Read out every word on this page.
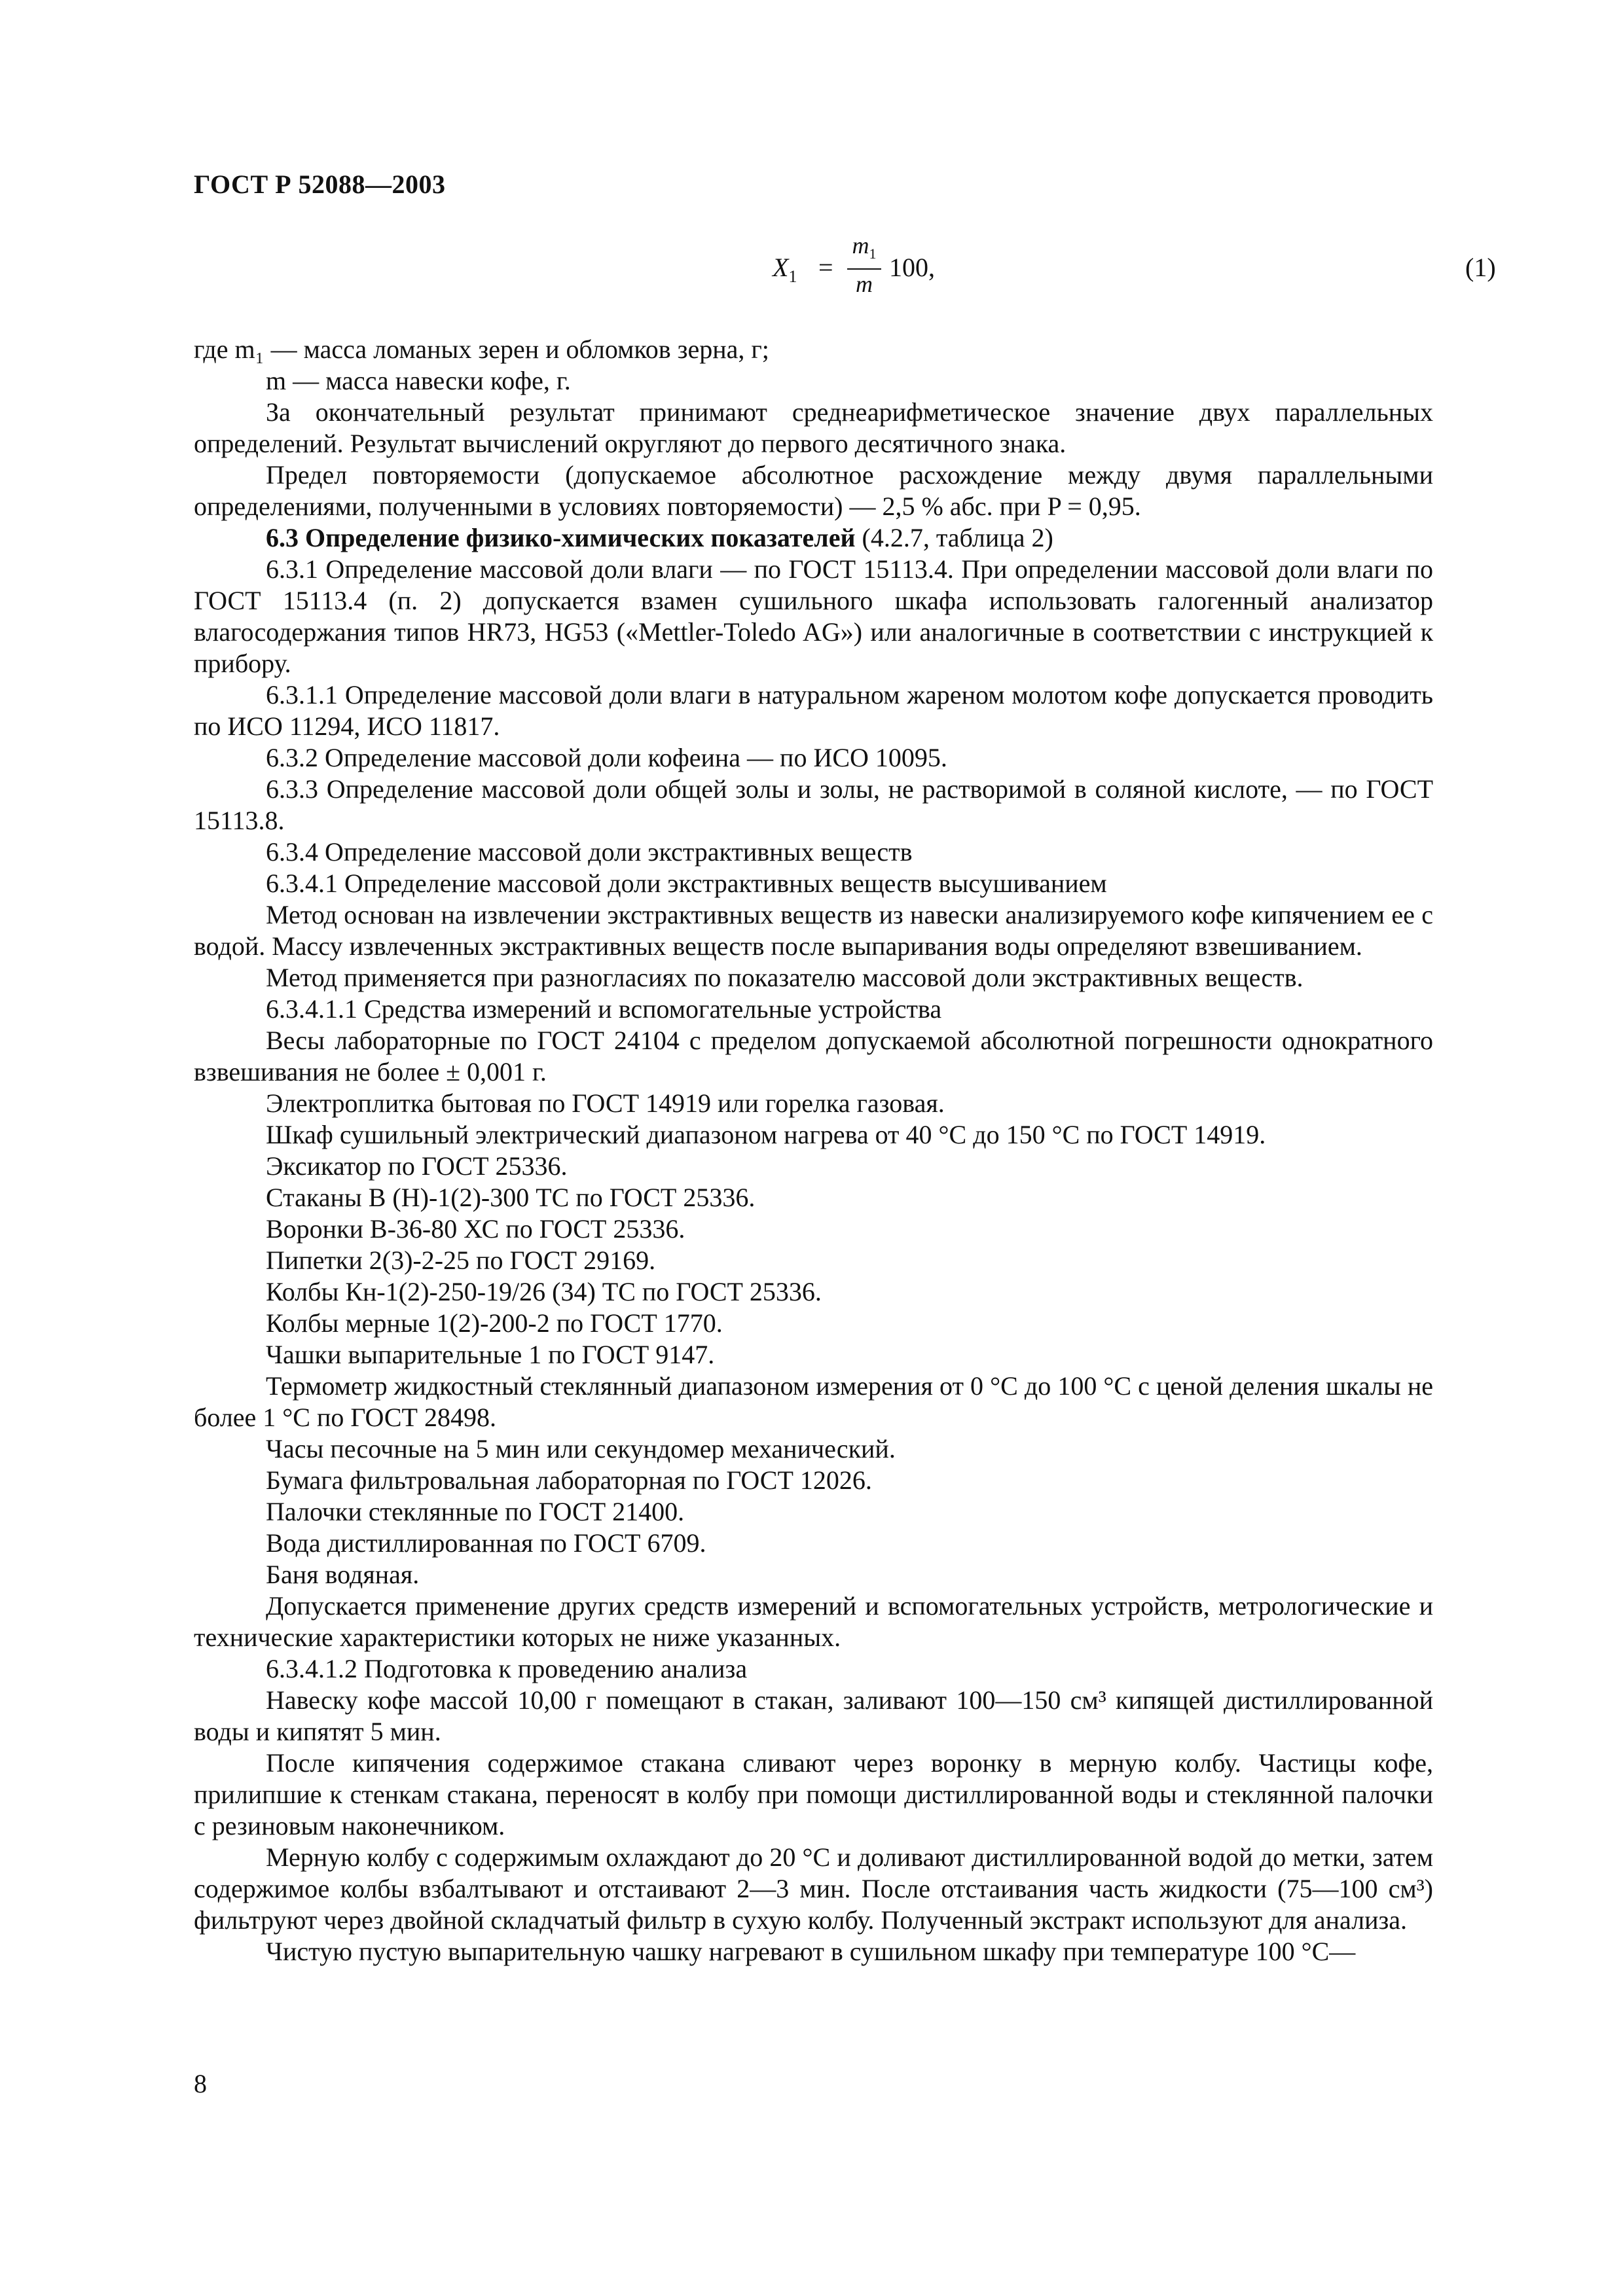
ГОСТ Р 52088—2003
$X_1$ =
$m_1$
m
100,	(1)

где m₁ — масса ломаных зерен и обломков зерна, г;

m — масса навески кофе, г.

За окончательный результат принимают среднеарифметическое значение двух параллельных определений. Результат вычислений округляют до первого десятичного знака.

Предел повторяемости (допускаемое абсолютное расхождение между двумя параллельными определениями, полученными в условиях повторяемости) — 2,5 % абс. при P = 0,95.

6.3 Определение физико-химических показателей (4.2.7, таблица 2)

6.3.1 Определение массовой доли влаги — по ГОСТ 15113.4. При определении массовой доли влаги по ГОСТ 15113.4 (п. 2) допускается взамен сушильного шкафа использовать галогенный анализатор влагосодержания типов HR73, HG53 («Mettler-Toledo AG») или аналогичные в соответствии с инструкцией к прибору.

6.3.1.1 Определение массовой доли влаги в натуральном жареном молотом кофе допускается проводить по ИСО 11294, ИСО 11817.

6.3.2 Определение массовой доли кофеина — по ИСО 10095.

6.3.3 Определение массовой доли общей золы и золы, не растворимой в соляной кислоте, — по ГОСТ 15113.8.

6.3.4 Определение массовой доли экстрактивных веществ

6.3.4.1 Определение массовой доли экстрактивных веществ высушиванием

Метод основан на извлечении экстрактивных веществ из навески анализируемого кофе кипячением ее с водой. Массу извлеченных экстрактивных веществ после выпаривания воды определяют взвешиванием.

Метод применяется при разногласиях по показателю массовой доли экстрактивных веществ.

6.3.4.1.1 Средства измерений и вспомогательные устройства

Весы лабораторные по ГОСТ 24104 с пределом допускаемой абсолютной погрешности однократного взвешивания не более ± 0,001 г.

Электроплитка бытовая по ГОСТ 14919 или горелка газовая.

Шкаф сушильный электрический диапазоном нагрева от 40 °С до 150 °С по ГОСТ 14919.

Эксикатор по ГОСТ 25336.

Стаканы В (Н)-1(2)-300 ТС по ГОСТ 25336.

Воронки В-36-80 ХС по ГОСТ 25336.

Пипетки 2(3)-2-25 по ГОСТ 29169.

Колбы Кн-1(2)-250-19/26 (34) ТС по ГОСТ 25336.

Колбы мерные 1(2)-200-2 по ГОСТ 1770.

Чашки выпарительные 1 по ГОСТ 9147.

Термометр жидкостный стеклянный диапазоном измерения от 0 °С до 100 °С с ценой деления шкалы не более 1 °С по ГОСТ 28498.

Часы песочные на 5 мин или секундомер механический.

Бумага фильтровальная лабораторная по ГОСТ 12026.

Палочки стеклянные по ГОСТ 21400.

Вода дистиллированная по ГОСТ 6709.

Баня водяная.

Допускается применение других средств измерений и вспомогательных устройств, метрологические и технические характеристики которых не ниже указанных.

6.3.4.1.2 Подготовка к проведению анализа

Навеску кофе массой 10,00 г помещают в стакан, заливают 100—150 см³ кипящей дистиллированной воды и кипятят 5 мин.

После кипячения содержимое стакана сливают через воронку в мерную колбу. Частицы кофе, прилипшие к стенкам стакана, переносят в колбу при помощи дистиллированной воды и стеклянной палочки с резиновым наконечником.

Мерную колбу с содержимым охлаждают до 20 °С и доливают дистиллированной водой до метки, затем содержимое колбы взбалтывают и отстаивают 2—3 мин. После отстаивания часть жидкости (75—100 см³) фильтруют через двойной складчатый фильтр в сухую колбу. Полученный экстракт используют для анализа.

Чистую пустую выпарительную чашку нагревают в сушильном шкафу при температуре 100 °С—

8
